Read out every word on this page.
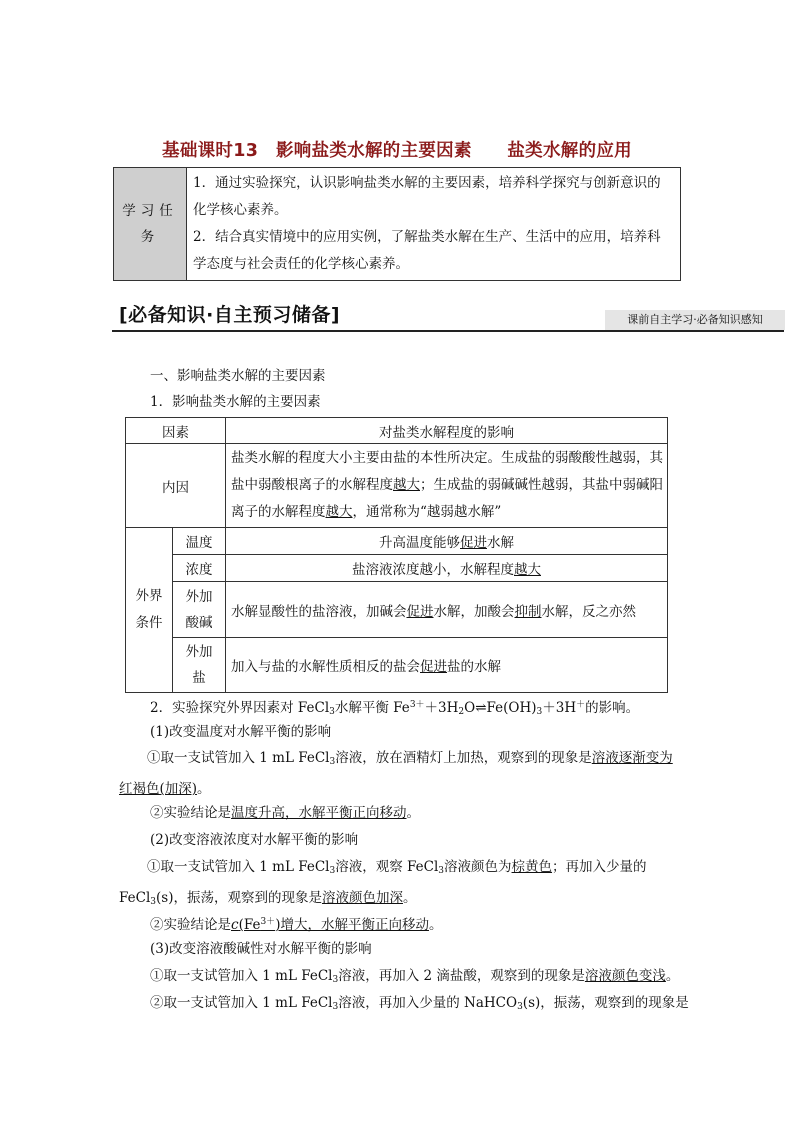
基础课时13　影响盐类水解的主要因素　　盐类水解的应用
学习任务	
1．通过实验探究，认识影响盐类水解的主要因素，培养科学探究与创新意识的化学核心素养。
2．结合真实情境中的应用实例，了解盐类水解在生产、生活中的应用，培养科学态度与社会责任的化学核心素养。
[必备知识·自主预习储备]	课前自主学习·必备知识感知
一、影响盐类水解的主要因素
1．影响盐类水解的主要因素
因素		对盐类水解程度的影响
内因		盐类水解的程度大小主要由盐的本性所决定。生成盐的弱酸酸性越弱，其盐中弱酸根离子的水解程度越大；生成盐的弱碱碱性越弱，其盐中弱碱阳离子的水解程度越大，通常称为“越弱越水解”

外界条件	温度	升高温度能够促进水解
	浓度	盐溶液浓度越小，水解程度越大

	外加酸碱	水解显酸性的盐溶液，加碱会促进水解，加酸会抑制水解，反之亦然

	外加盐	加入与盐的水解性质相反的盐会促进盐的水解
2．实验探究外界因素对 FeCl$_3$水解平衡 $Fe^{3+}+3H_2O\rightleftharpoons Fe(OH)_3+3H^+$的影响。
(1)改变温度对水解平衡的影响
①取一支试管加入 1 mL FeCl$_3$溶液，放在酒精灯上加热，观察到的现象是溶液逐渐变为红褐色(加深)。
②实验结论是温度升高，水解平衡正向移动。
(2)改变溶液浓度对水解平衡的影响
①取一支试管加入 1 mL FeCl$_3$溶液，观察 FeCl$_3$溶液颜色为棕黄色；再加入少量的FeCl$_3$(s)，振荡，观察到的现象是溶液颜色加深。
②实验结论是$c(Fe^{3+})$增大，水解平衡正向移动。
(3)改变溶液酸碱性对水解平衡的影响
①取一支试管加入 1 mL FeCl$_3$溶液，再加入 2 滴盐酸，观察到的现象是溶液颜色变浅。
②取一支试管加入 1 mL FeCl$_3$溶液，再加入少量的 NaHCO$_3$(s)，振荡，观察到的现象是
